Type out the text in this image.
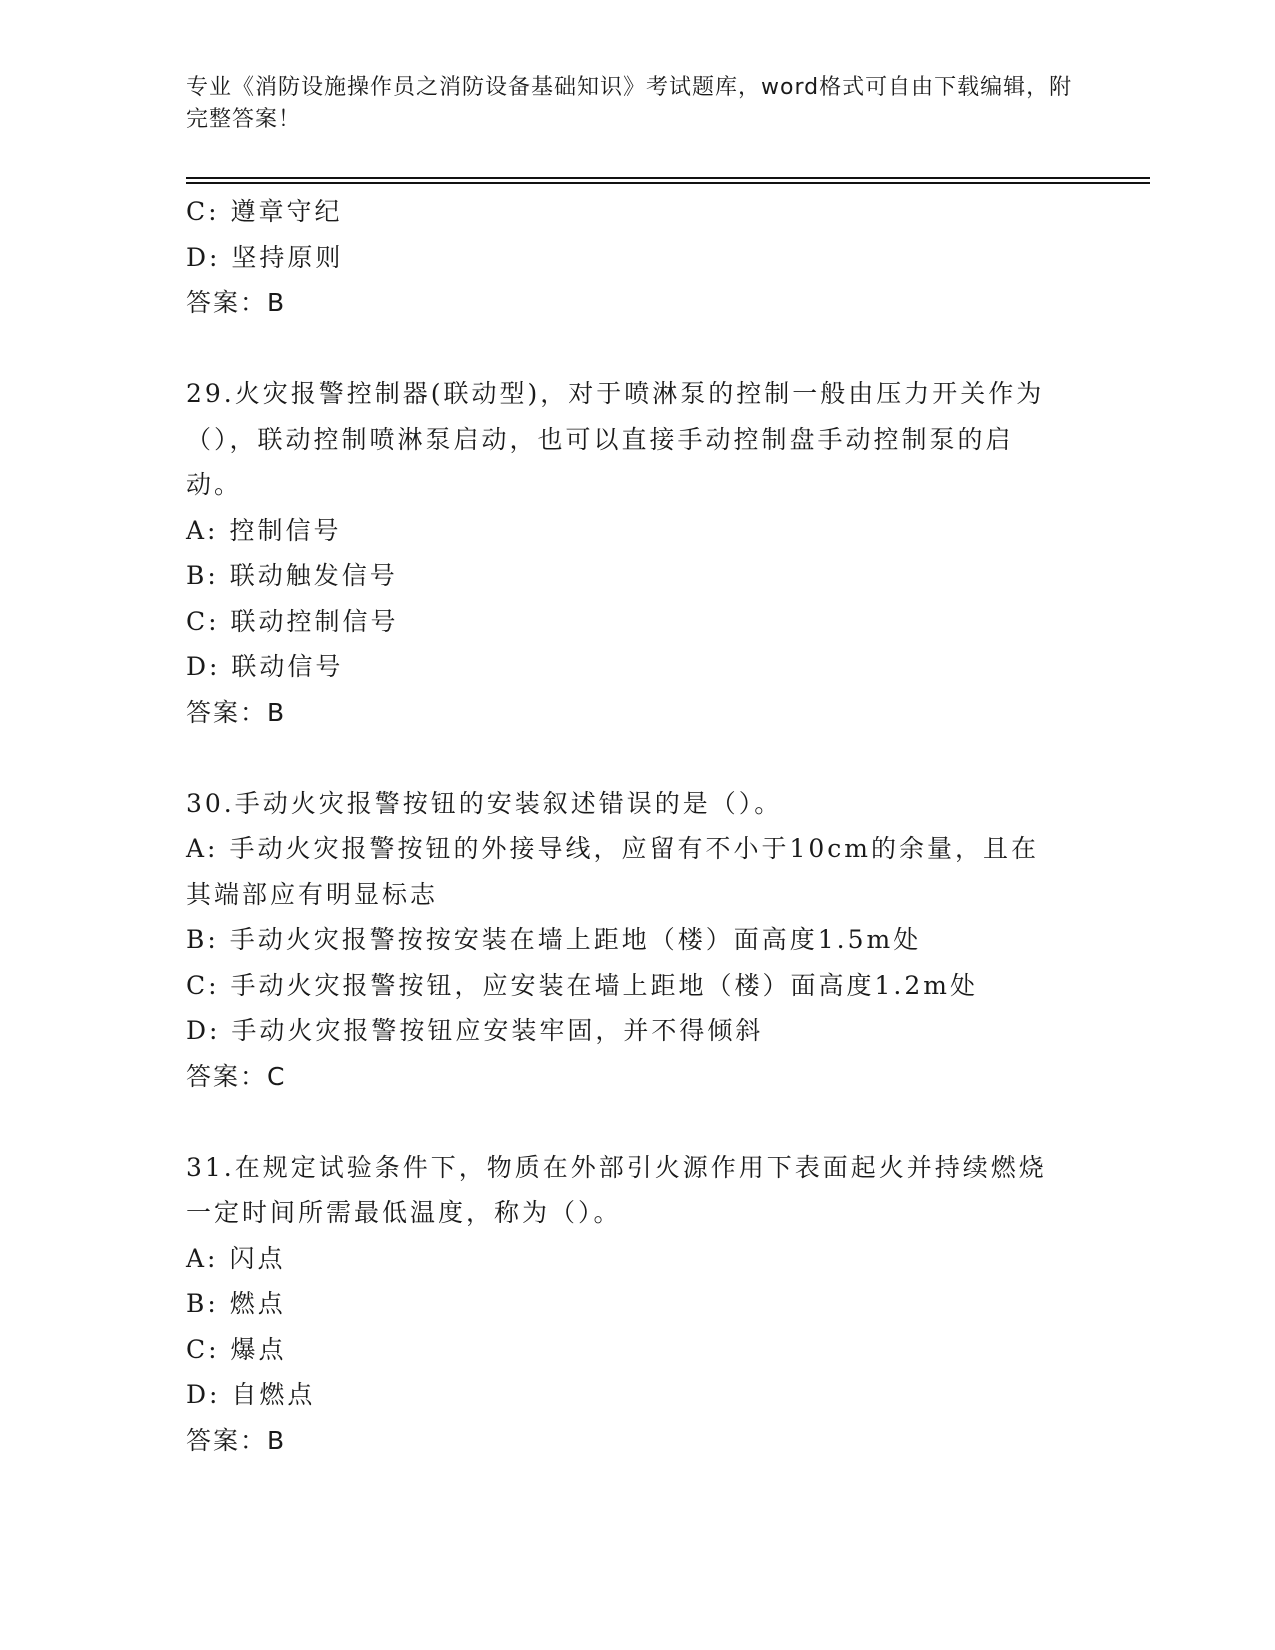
专业《消防设施操作员之消防设备基础知识》考试题库，word格式可自由下载编辑，附完整答案！
C: 遵章守纪
D: 坚持原则
答案：B
29.火灾报警控制器(联动型)，对于喷淋泵的控制一般由压力开关作为（），联动控制喷淋泵启动，也可以直接手动控制盘手动控制泵的启动。
A: 控制信号
B: 联动触发信号
C: 联动控制信号
D: 联动信号
答案：B
30.手动火灾报警按钮的安装叙述错误的是（）。
A: 手动火灾报警按钮的外接导线，应留有不小于10cm的余量，且在其端部应有明显标志
B: 手动火灾报警按按安装在墙上距地（楼）面高度1.5m处
C: 手动火灾报警按钮，应安装在墙上距地（楼）面高度1.2m处
D: 手动火灾报警按钮应安装牢固，并不得倾斜
答案：C
31.在规定试验条件下，物质在外部引火源作用下表面起火并持续燃烧一定时间所需最低温度，称为（）。
A: 闪点
B: 燃点
C: 爆点
D: 自燃点
答案：B
